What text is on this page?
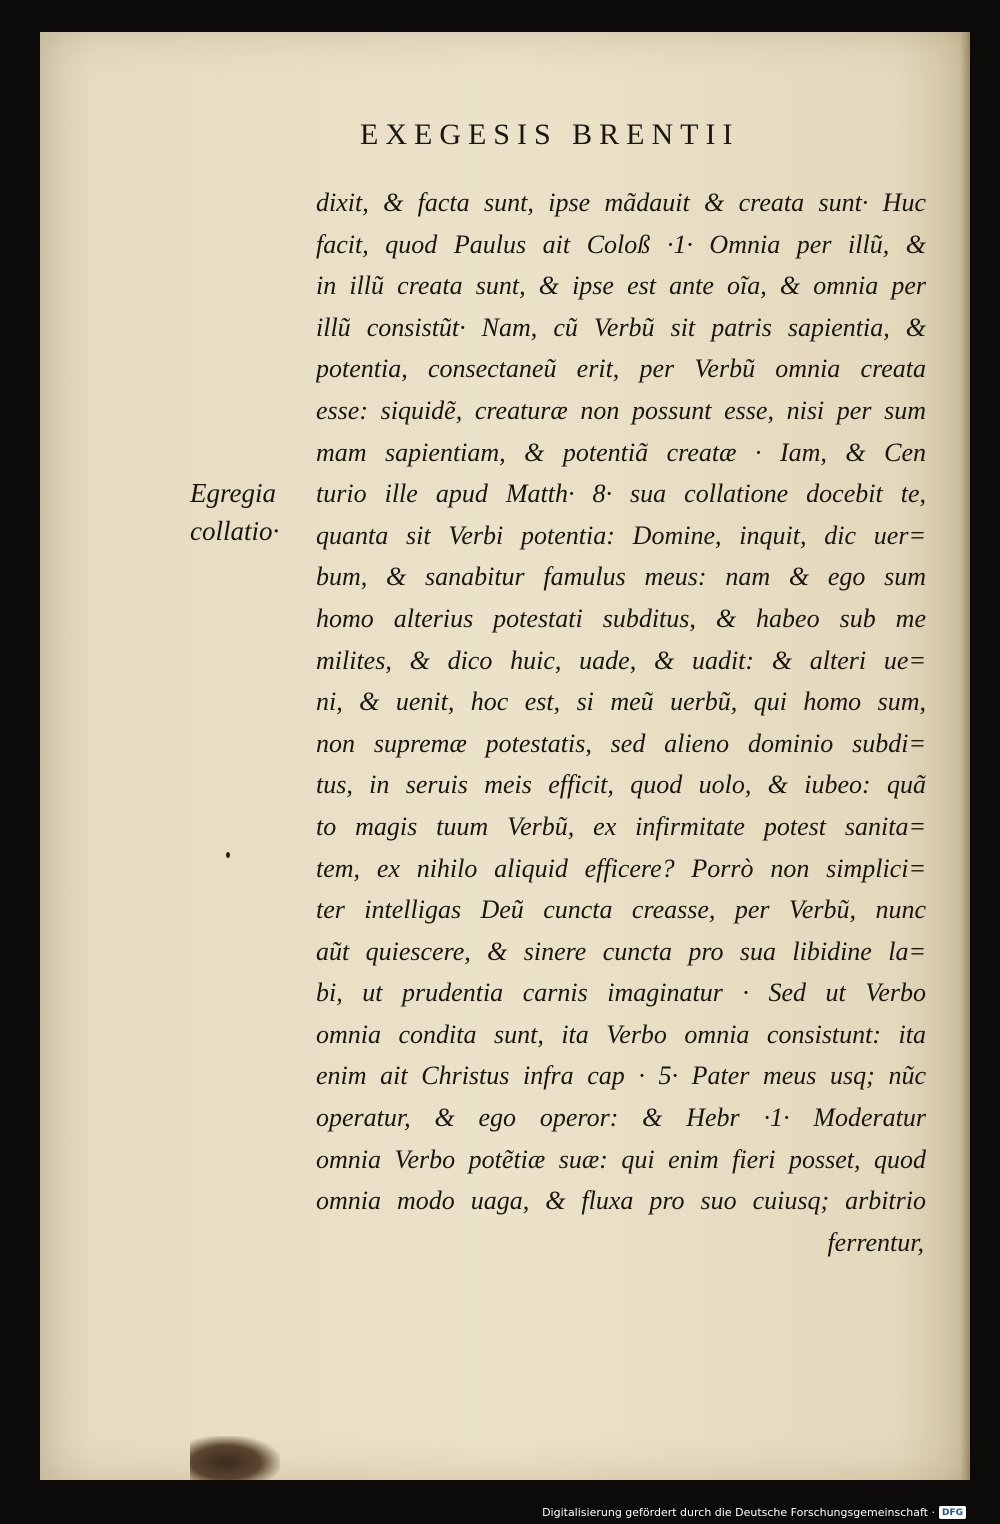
EXEGESIS BRENTII
Egregia
collatio·
dixit, & facta sunt, ipse mãdauit & creata sunt· Huc
facit, quod Paulus ait Coloß ·1· Omnia per illũ, &
in illũ creata sunt, & ipse est ante oĩa, & omnia per
illũ consistũt· Nam, cũ Verbũ sit patris sapientia, &
potentia, consectaneũ erit, per Verbũ omnia creata
esse: siquidẽ, creaturæ non possunt esse, nisi per sum
mam sapientiam, & potentiã creatæ · Iam, & Cen
turio ille apud Matth· 8· sua collatione docebit te,
quanta sit Verbi potentia: Domine, inquit, dic uer=
bum, & sanabitur famulus meus: nam & ego sum
homo alterius potestati subditus, & habeo sub me
milites, & dico huic, uade, & uadit: & alteri ue=
ni, & uenit, hoc est, si meũ uerbũ, qui homo sum,
non supremæ potestatis, sed alieno dominio subdi=
tus, in seruis meis efficit, quod uolo, & iubeo: quã
to magis tuum Verbũ, ex infirmitate potest sanita=
tem, ex nihilo aliquid efficere? Porrò non simplici=
ter intelligas Deũ cuncta creasse, per Verbũ, nunc
aũt quiescere, & sinere cuncta pro sua libidine la=
bi, ut prudentia carnis imaginatur · Sed ut Verbo
omnia condita sunt, ita Verbo omnia consistunt: ita
enim ait Christus infra cap · 5· Pater meus usq; nũc
operatur, & ego operor: & Hebr ·1· Moderatur
omnia Verbo potẽtiæ suæ: qui enim fieri posset, quod
omnia modo uaga, & fluxa pro suo cuiusq; arbitrio
ferrentur,
Digitalisierung gefördert durch die Deutsche Forschungsgemeinschaft · DFG
